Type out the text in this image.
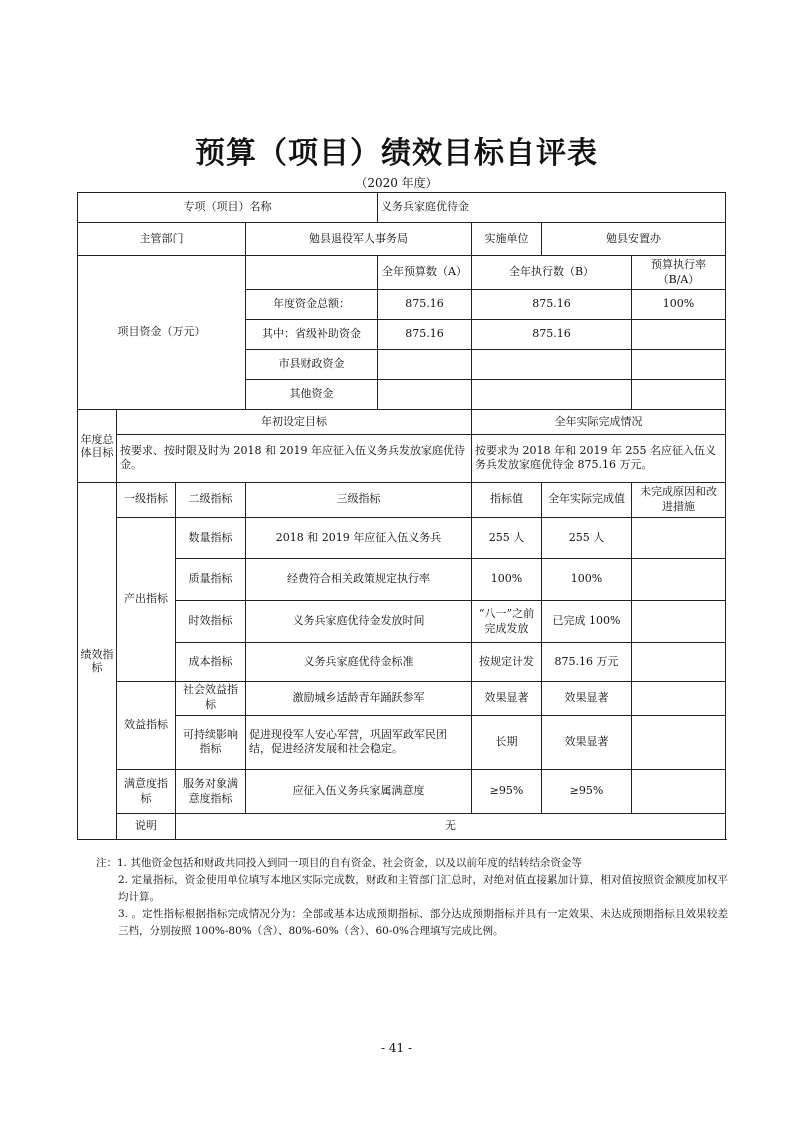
预算（项目）绩效目标自评表
（2020 年度）
专项（项目）名称				义务兵家庭优待金			
主管部门			勉县退役军人事务局		实施单位	勉县安置办	
项目资金（万元）				全年预算数（A）	全年执行数（B）		预算执行率（B/A）
			年度资金总额：	875.16	875.16		100%
			其中：省级补助资金	875.16	875.16		
			市县财政资金				
			其他资金				
年度总体目标	年初设定目标				全年实际完成情况		
	按要求、按时限及时为 2018 和 2019 年应征入伍义务兵发放家庭优待金。				按要求为 2018 年和 2019 年 255 名应征入伍义务兵发放家庭优待金 875.16 万元。		
绩效指标	一级指标	二级指标	三级指标		指标值	全年实际完成值	未完成原因和改进措施
	产出指标	数量指标	2018 和 2019 年应征入伍义务兵		255 人	255 人	
		质量指标	经费符合相关政策规定执行率		100%	100%	
		时效指标	义务兵家庭优待金发放时间		“八一”之前完成发放	已完成 100%	
		成本指标	义务兵家庭优待金标准		按规定计发	875.16 万元	
	效益指标	社会效益指标	激励城乡适龄青年踊跃参军		效果显著	效果显著	
		可持续影响指标	促进现役军人安心军营，巩固军政军民团结，促进经济发展和社会稳定。		长期	效果显著	
	满意度指标	服务对象满意度指标	应征入伍义务兵家属满意度		≥95%	≥95%	
	说明	无					
注：1. 其他资金包括和财政共同投入到同一项目的自有资金、社会资金，以及以前年度的结转结余资金等
2. 定量指标，资金使用单位填写本地区实际完成数，财政和主管部门汇总时，对绝对值直接累加计算，相对值按照资金额度加权平均计算。
3. 。定性指标根据指标完成情况分为：全部或基本达成预期指标、部分达成预期指标并具有一定效果、未达成预期指标且效果较差三档，分别按照 100%-80%（含）、80%-60%（含）、60-0%合理填写完成比例。
- 41 -
